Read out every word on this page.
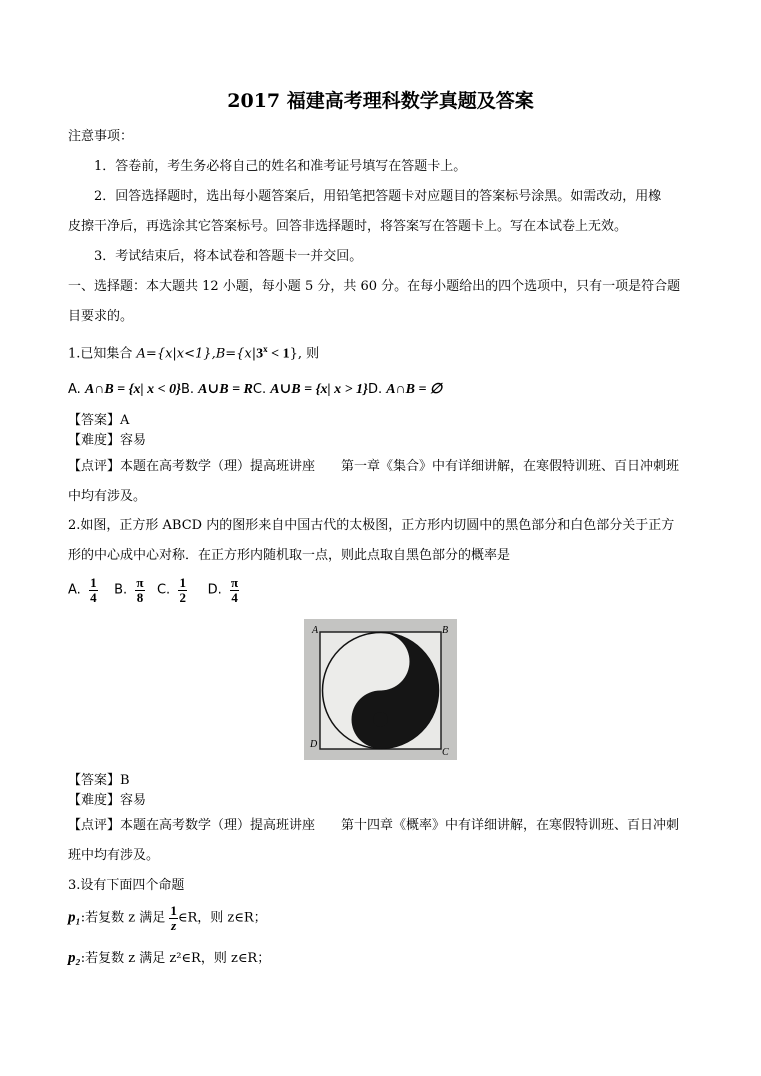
2017 福建高考理科数学真题及答案
注意事项：
1．答卷前，考生务必将自己的姓名和准考证号填写在答题卡上。
2．回答选择题时，选出每小题答案后，用铅笔把答题卡对应题目的答案标号涂黑。如需改动，用橡
皮擦干净后，再选涂其它答案标号。回答非选择题时，将答案写在答题卡上。写在本试卷上无效。
3．考试结束后，将本试卷和答题卡一并交回。
一、选择题：本大题共 12 小题，每小题 5 分，共 60 分。在每小题给出的四个选项中，只有一项是符合题
目要求的。
1.已知集合 $A=\{x|x<1\},B=\{x|3^x < 1\}$, 则
A. A∩B = {x| x < 0}B. A∪B = RC. A∪B = {x| x > 1}D. A∩B = ∅
【答案】A
【难度】容易
【点评】本题在高考数学（理）提高班讲座　　第一章《集合》中有详细讲解，在寒假特训班、百日冲刺班
中均有涉及。
2.如图，正方形 ABCD 内的图形来自中国古代的太极图，正方形内切圆中的黑色部分和白色部分关于正方
形的中心成中心对称．在正方形内随机取一点，则此点取自黑色部分的概率是
A. $\frac{1}{4} B$. $\frac{\pi}{8} C$. $\frac{1}{2} D$. $\frac{\pi}{4}$
A	B
C
D
【答案】B
【难度】容易
【点评】本题在高考数学（理）提高班讲座　　第十四章《概率》中有详细讲解，在寒假特训班、百日冲刺
班中均有涉及。
3.设有下面四个命题
p₁:若复数 z 满足 $\frac{1}{z}$ ∈R，则 z∈R；
p₂:若复数 z 满足 z²∈R，则 z∈R；
